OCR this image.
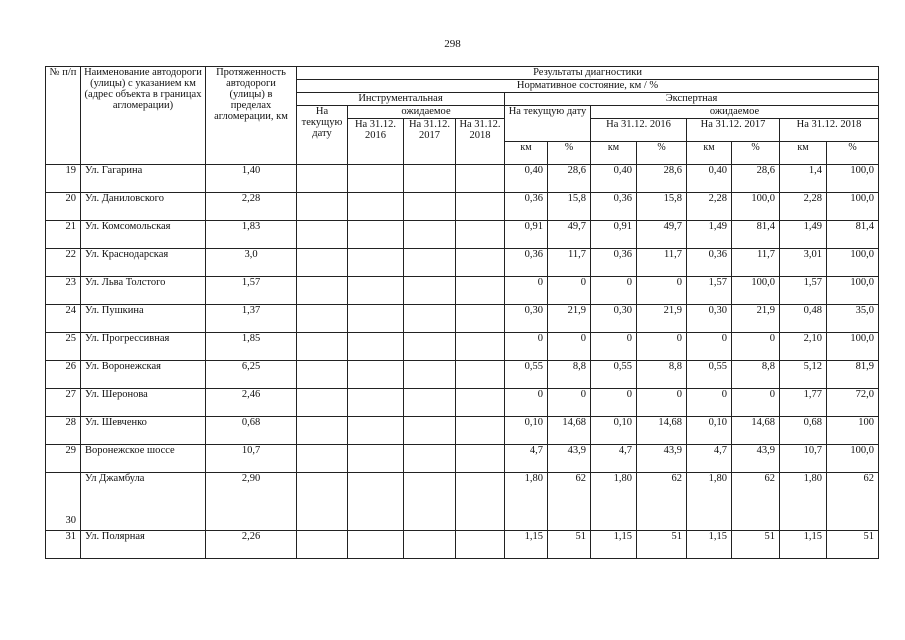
298
№ п/п	Наименование автодороги (улицы) с указанием км (адрес объекта в границах агломерации)	Протяженность автодороги (улицы) в пределах агломерации, км	Результаты диагностики											
			Нормативное состояние, км / %											
			Инструментальная				Экспертная							
			На текущую дату	ожидаемое			На текущую дату		ожидаемое					
				На 31.12. 2016	На 31.12. 2017	На 31.12. 2018			На 31.12. 2016		На 31.12. 2017		На 31.12. 2018	
							км	%	км	%	км	%	км	%
19	Ул. Гагарина	1,40					0,40	28,6	0,40	28,6	0,40	28,6	1,4	100,0
20	Ул. Даниловского	2,28					0,36	15,8	0,36	15,8	2,28	100,0	2,28	100,0
21	Ул. Комсомольская	1,83					0,91	49,7	0,91	49,7	1,49	81,4	1,49	81,4
22	Ул. Краснодарская	3,0					0,36	11,7	0,36	11,7	0,36	11,7	3,01	100,0
23	Ул. Льва Толстого	1,57					0	0	0	0	1,57	100,0	1,57	100,0
24	Ул. Пушкина	1,37					0,30	21,9	0,30	21,9	0,30	21,9	0,48	35,0
25	Ул. Прогрессивная	1,85					0	0	0	0	0	0	2,10	100,0
26	Ул. Воронежская	6,25					0,55	8,8	0,55	8,8	0,55	8,8	5,12	81,9
27	Ул. Шеронова	2,46					0	0	0	0	0	0	1,77	72,0
28	Ул. Шевченко	0,68					0,10	14,68	0,10	14,68	0,10	14,68	0,68	100
29	Воронежское шоссе	10,7					4,7	43,9	4,7	43,9	4,7	43,9	10,7	100,0
30	Ул Джамбула	2,90					1,80	62	1,80	62	1,80	62	1,80	62
31	Ул. Полярная	2,26					1,15	51	1,15	51	1,15	51	1,15	51
